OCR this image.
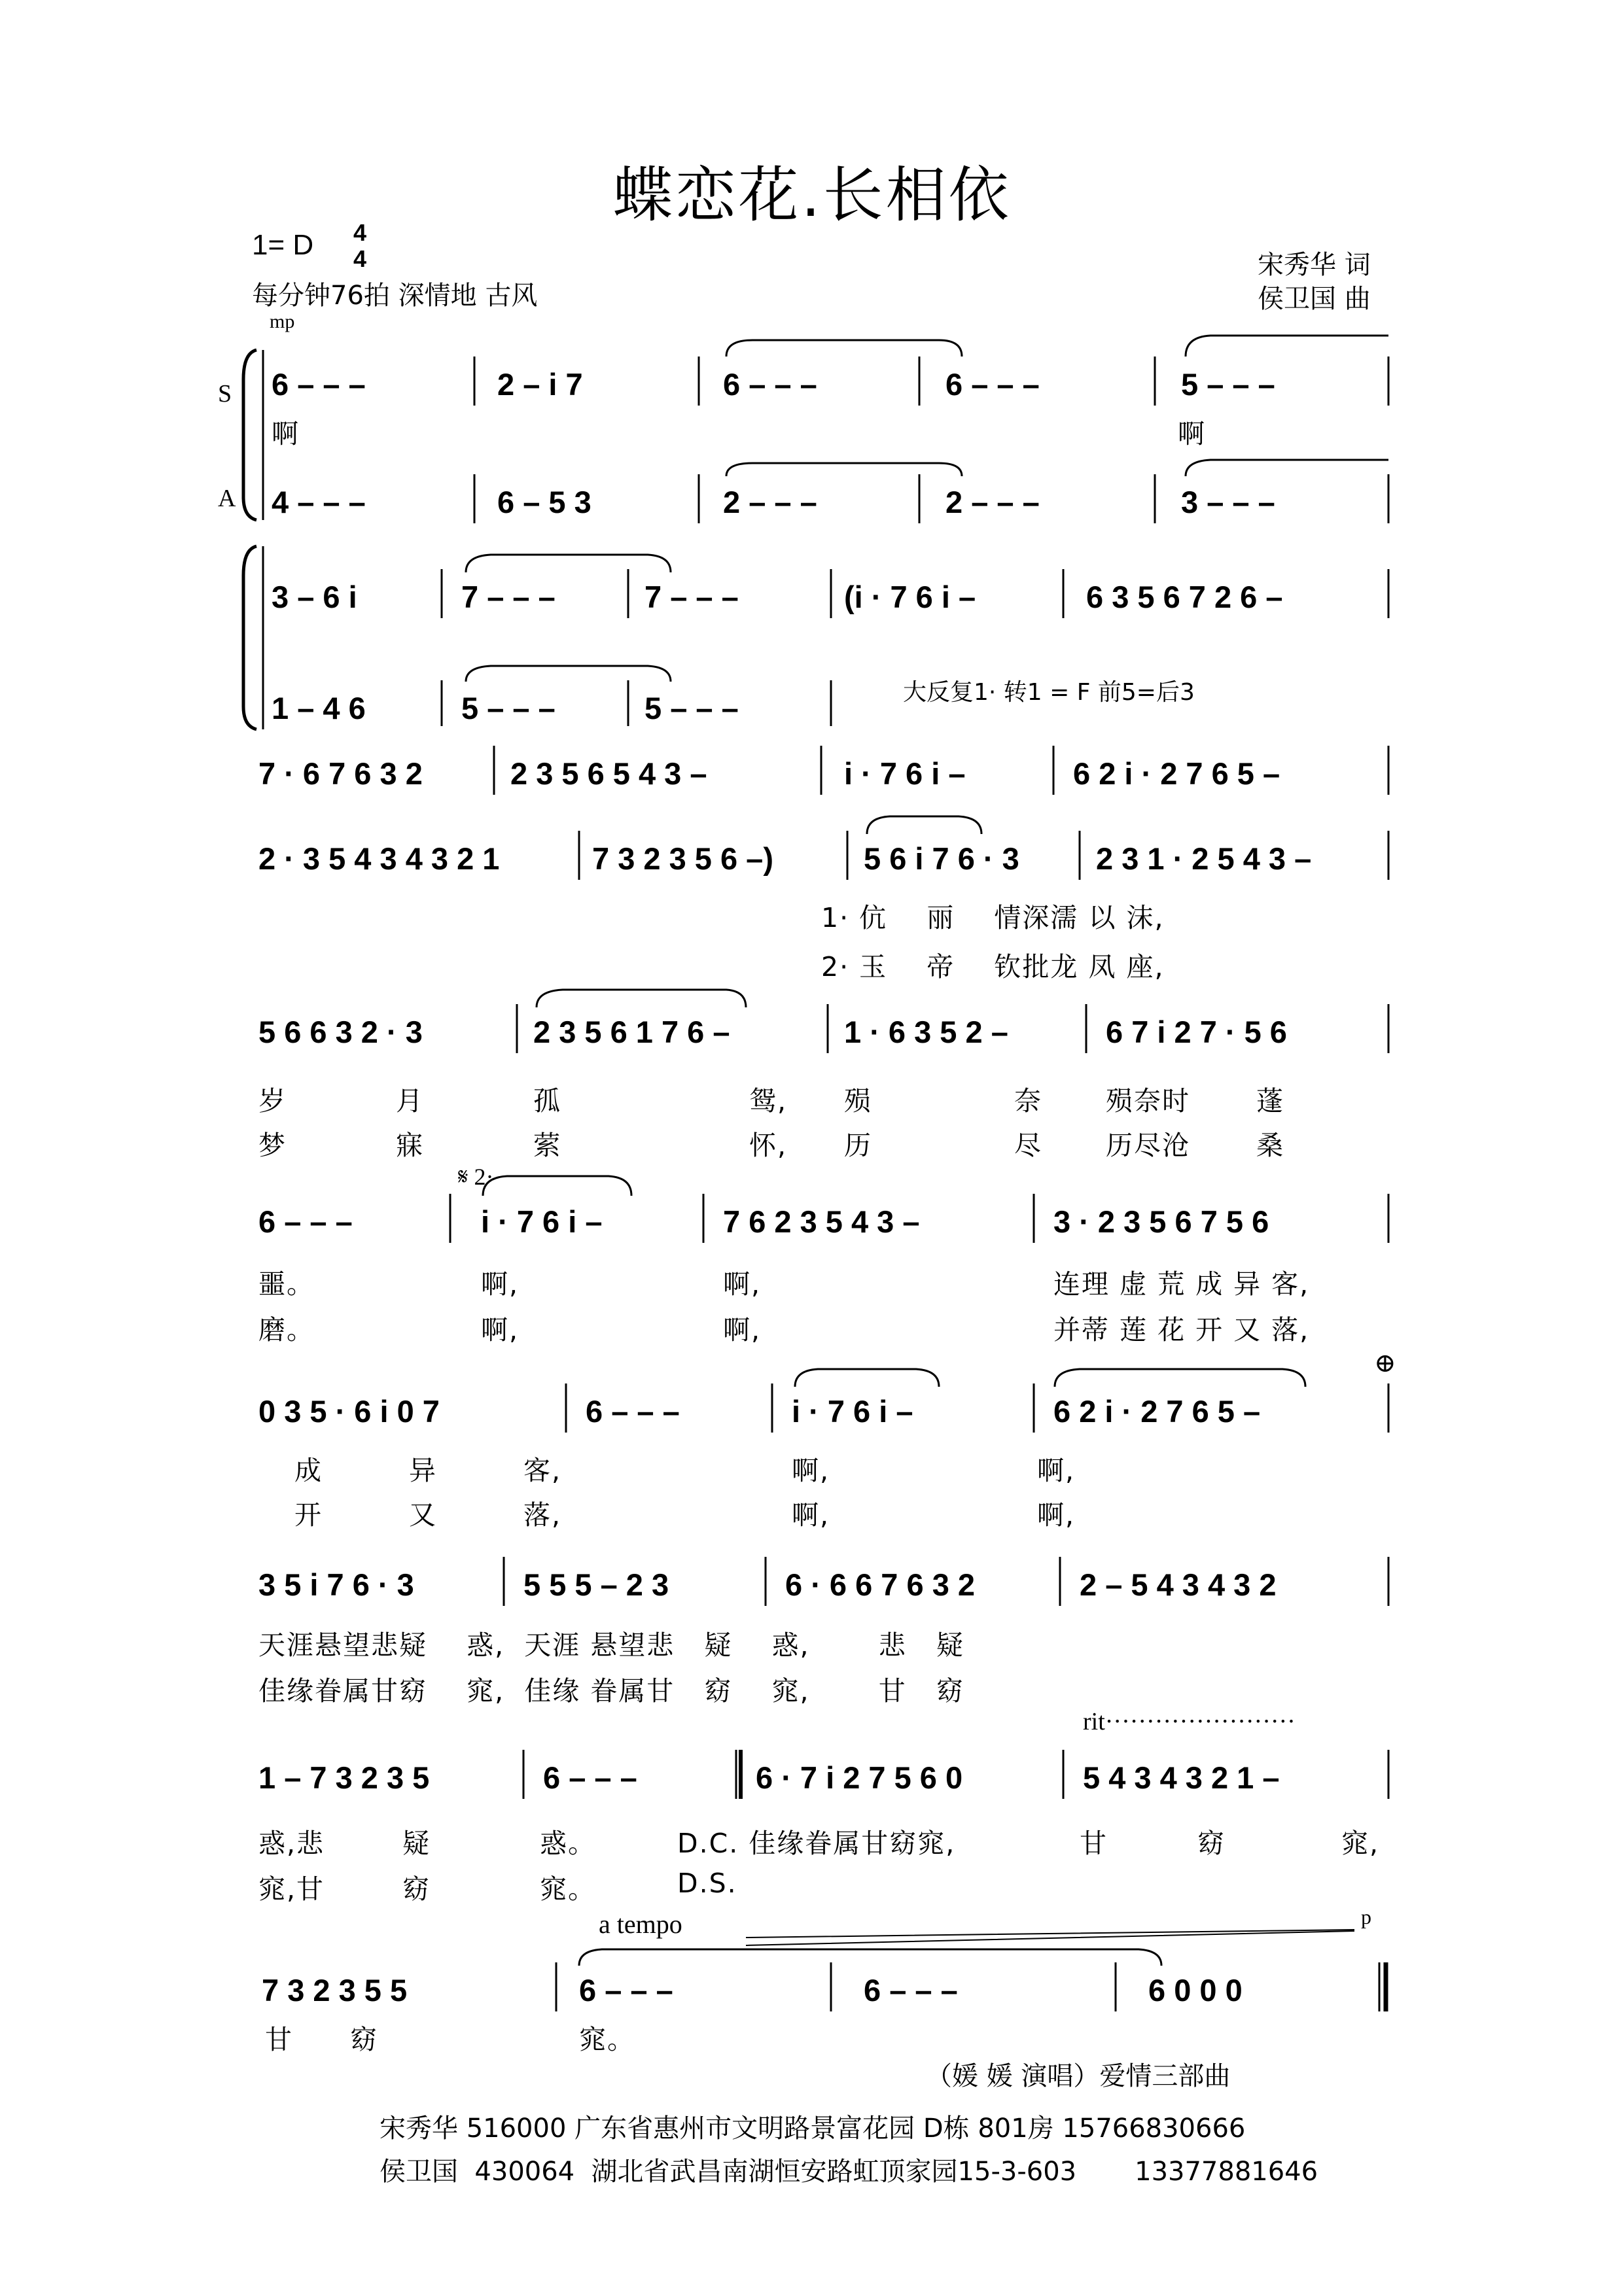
蝶恋花.长相依
1= D 4
4
每分钟76拍 深情地 古风
宋秀华 词
侯卫国 曲
mp
S
A
6 – – –	2 – i 7	6 – – –	6 – – –	5 – – –
啊	啊
4 – – –	6 – 5 3	2 – – –	2 – – –	3 – – –
3 – 6 i	7 – – –	7 – – –	(i · 7 6 i –	6 3 5 6 7 2 6 –
1 – 4 6	5 – – –	5 – – –	大反复1· 转1 = F 前5=后3
7 · 6 7 6 3 2	2 3 5 6 5 4 3 –	i · 7 6 i –	6 2 i · 2 7 6 5 –
2 · 3 5 4 3 4 3 2 1	7 3 2 3 5 6 –)	5 6 i 7 6 · 3 2 3 1 · 2 5 4 3 –
1· 伉    丽    情深濡 以 沫,
2· 玉    帝    钦批龙 凤 座,
5 6 6 3 2 · 3	2 3 5 6 1 7 6 –	1 · 6 3 5 2 –	6 7 i 2 7 · 5 6
岁	月	孤	鸳, 殒	奈 殒奈时 蓬
梦	寐	萦	怀, 历	尽 历尽沧 桑
𝄋 2·
6 – – –	i · 7 6 i –	7 6 2 3 5 4 3 –	3 · 2 3 5 6 7 5 6
噩。	啊,	啊,	连理 虚 荒 成 异 客,
磨。	啊,	啊,	并蒂 莲 花 开 又 落,
⊕
0 3 5 · 6 i 0 7	6 – – –	i · 7 6 i –	6 2 i · 2 7 6 5 –
成	异	客,	啊,	啊,
开	又	落,	啊,	啊,
3 5 i 7 6 · 3	5 5 5 – 2 3	6 · 6 6 7 6 3 2	2 – 5 4 3 4 3 2
天涯悬望悲疑    惑,  天涯 悬望悲   疑    惑,       悲   疑
佳缘眷属甘窈    窕,  佳缘 眷属甘   窈    窕,       甘   窈
rit·······················
1 – 7 3 2 3 5	6 – – –	6 · 7 i 2 7 5 6 0	5 4 3 4 3 2 1 –
惑,悲	疑	惑。	D.C. 佳缘眷属甘窈窕,	甘	窈	窕,
窕,甘	窈	窕。	D.S.
a tempo	p
7 3 2 3 5 5	6 – – –	6 – – –	6 0 0 0
甘 窈	窕。
（媛 媛 演唱）爱情三部曲
宋秀华 516000 广东省惠州市文明路景富花园 D栋 801房 15766830666
侯卫国  430064  湖北省武昌南湖恒安路虹顶家园15-3-603       13377881646
